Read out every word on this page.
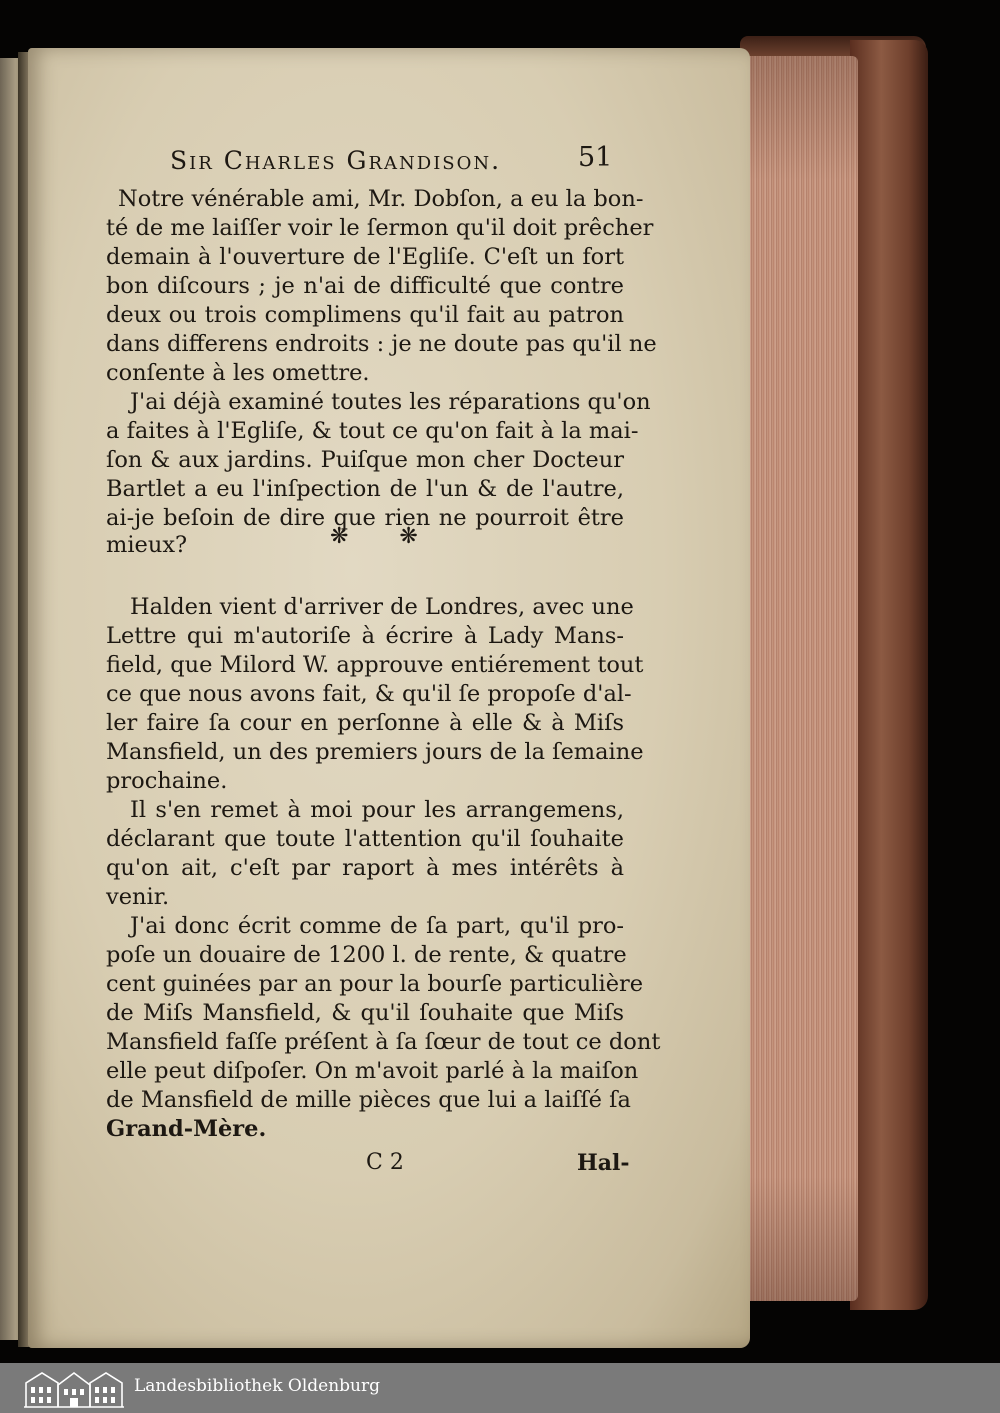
Sir Charles Grandison.	51
Notre vénérable ami, Mr. Dobſon, a eu la bon-
té de me laiſſer voir le ſermon qu'il doit prêcher
demain à l'ouverture de l'Egliſe. C'eſt un fort
bon diſcours ; je n'ai de difficulté que contre
deux ou trois complimens qu'il fait au patron
dans differens endroits : je ne doute pas qu'il ne
conſente à les omettre.
J'ai déjà examiné toutes les réparations qu'on
a faites à l'Egliſe, & tout ce qu'on fait à la mai-
ſon & aux jardins. Puiſque mon cher Docteur
Bartlet a eu l'inſpection de l'un & de l'autre,
ai-je beſoin de dire que rien ne pourroit être
mieux?	❋ ❋
Halden vient d'arriver de Londres, avec une
Lettre qui m'autoriſe à écrire à Lady Mans-
field, que Milord W. approuve entiérement tout
ce que nous avons fait, & qu'il ſe propoſe d'al-
ler faire ſa cour en perſonne à elle & à Miſs
Mansfield, un des premiers jours de la ſemaine
prochaine.
Il s'en remet à moi pour les arrangemens,
déclarant que toute l'attention qu'il ſouhaite
qu'on ait, c'eſt par raport à mes intérêts à
venir.
J'ai donc écrit comme de ſa part, qu'il pro-
poſe un douaire de 1200 l. de rente, & quatre
cent guinées par an pour la bourſe particulière
de Miſs Mansfield, & qu'il ſouhaite que Miſs
Mansfield faſſe préſent à ſa ſœur de tout ce dont
elle peut diſpoſer. On m'avoit parlé à la maiſon
de Mansfield de mille pièces que lui a laiſſé ſa
Grand-Mère.
C 2	Hal-
Landesbibliothek Oldenburg
